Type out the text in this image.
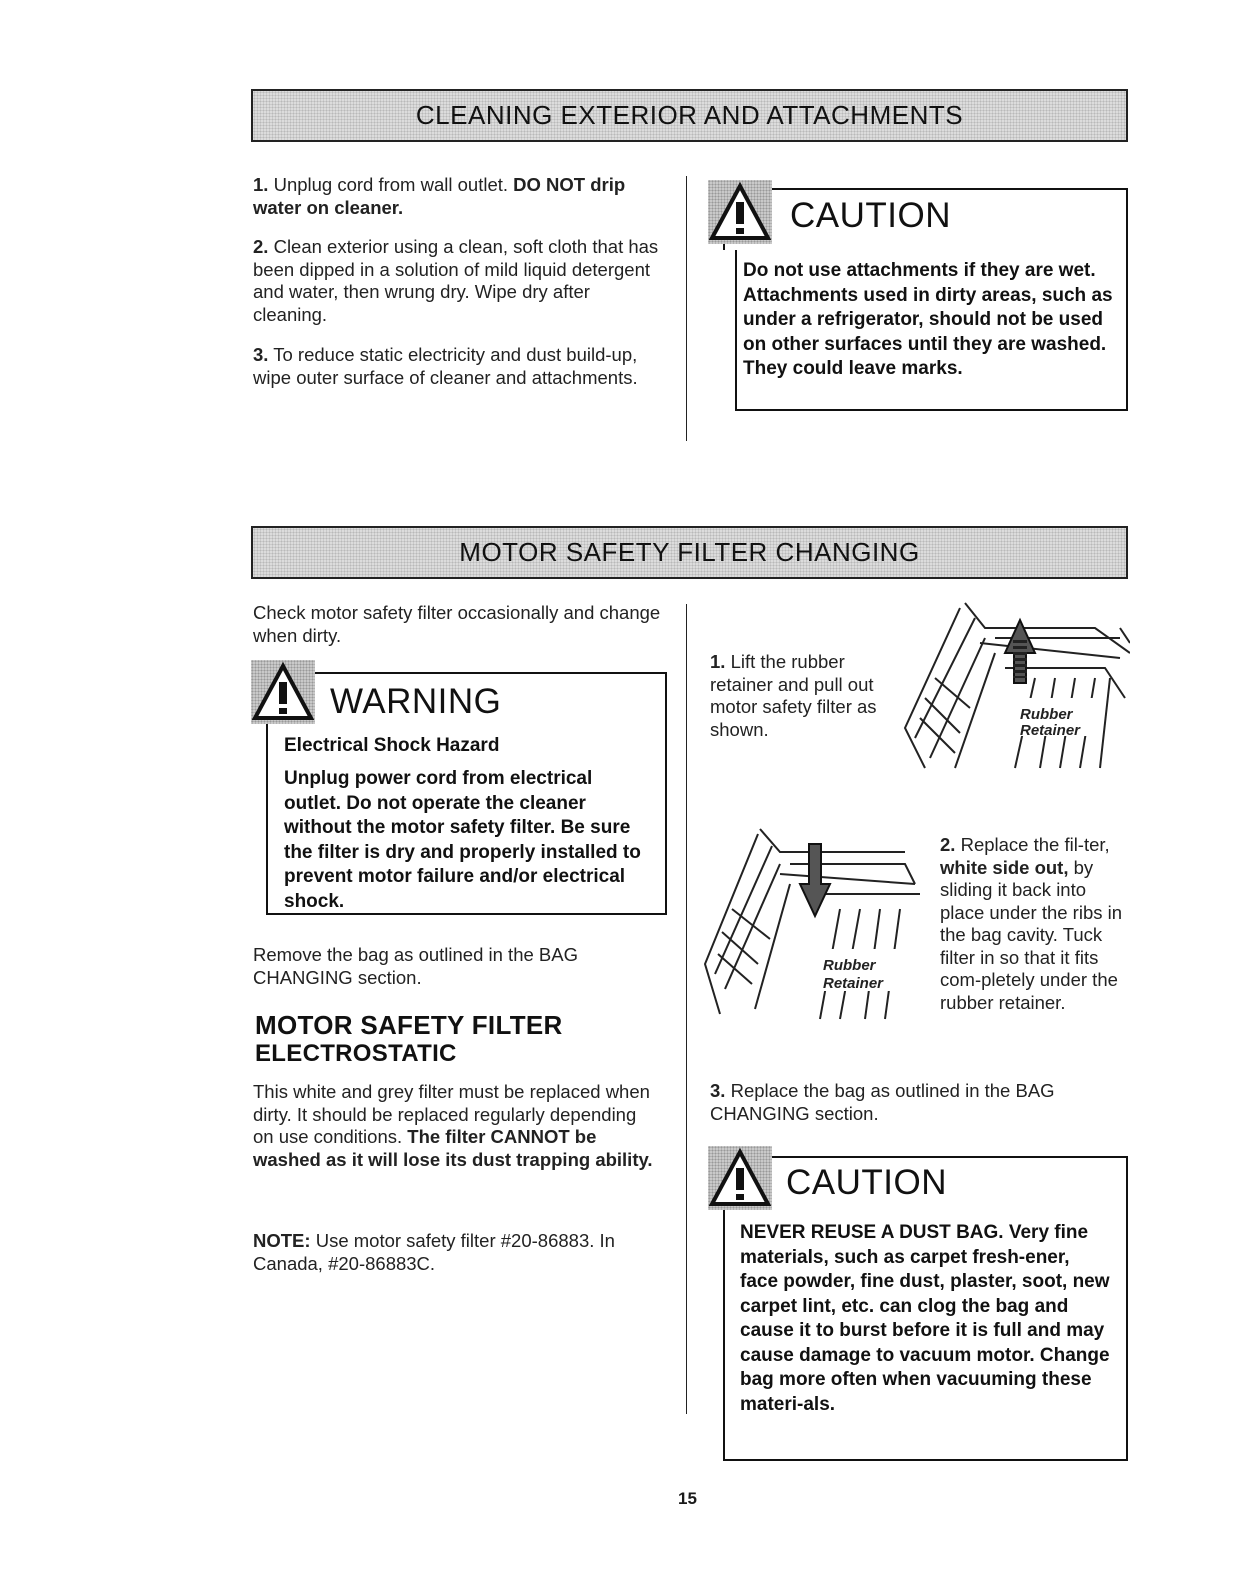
CLEANING EXTERIOR AND ATTACHMENTS

1. Unplug cord from wall outlet. DO NOT drip water on cleaner.

2. Clean exterior using a clean, soft cloth that has been dipped in a solution of mild liquid detergent and water, then wrung dry. Wipe dry after cleaning.

3. To reduce static electricity and dust build-up, wipe outer surface of cleaner and attachments.

CAUTION

Do not use attachments if they are wet. Attachments used in dirty areas, such as under a refrigerator, should not be used on other surfaces until they are washed. They could leave marks.

MOTOR SAFETY FILTER CHANGING

Check motor safety filter occasionally and change when dirty.

WARNING
Electrical Shock Hazard

Unplug power cord from electrical outlet. Do not operate the cleaner without the motor safety filter. Be sure the filter is dry and properly installed to prevent motor failure and/or electrical shock.

Remove the bag as outlined in the BAG CHANGING section.

MOTOR SAFETY FILTER
ELECTROSTATIC

This white and grey filter must be replaced when dirty. It should be replaced regularly depending on use conditions. The filter CANNOT be washed as it will lose its dust trapping ability.

NOTE: Use motor safety filter #20-86883. In Canada, #20-86883C.

1. Lift the rubber retainer and pull out motor safety filter as shown.

Rubber
Retainer
Rubber
Retainer

2. Replace the fil-ter, white side out, by sliding it back into place under the ribs in the bag cavity. Tuck filter in so that it fits com-pletely under the rubber retainer.

3. Replace the bag as outlined in the BAG CHANGING section.

CAUTION

NEVER REUSE A DUST BAG. Very fine materials, such as carpet fresh-ener, face powder, fine dust, plaster, soot, new carpet lint, etc. can clog the bag and cause it to burst before it is full and may cause damage to vacuum motor. Change bag more often when vacuuming these materi-als.

15
